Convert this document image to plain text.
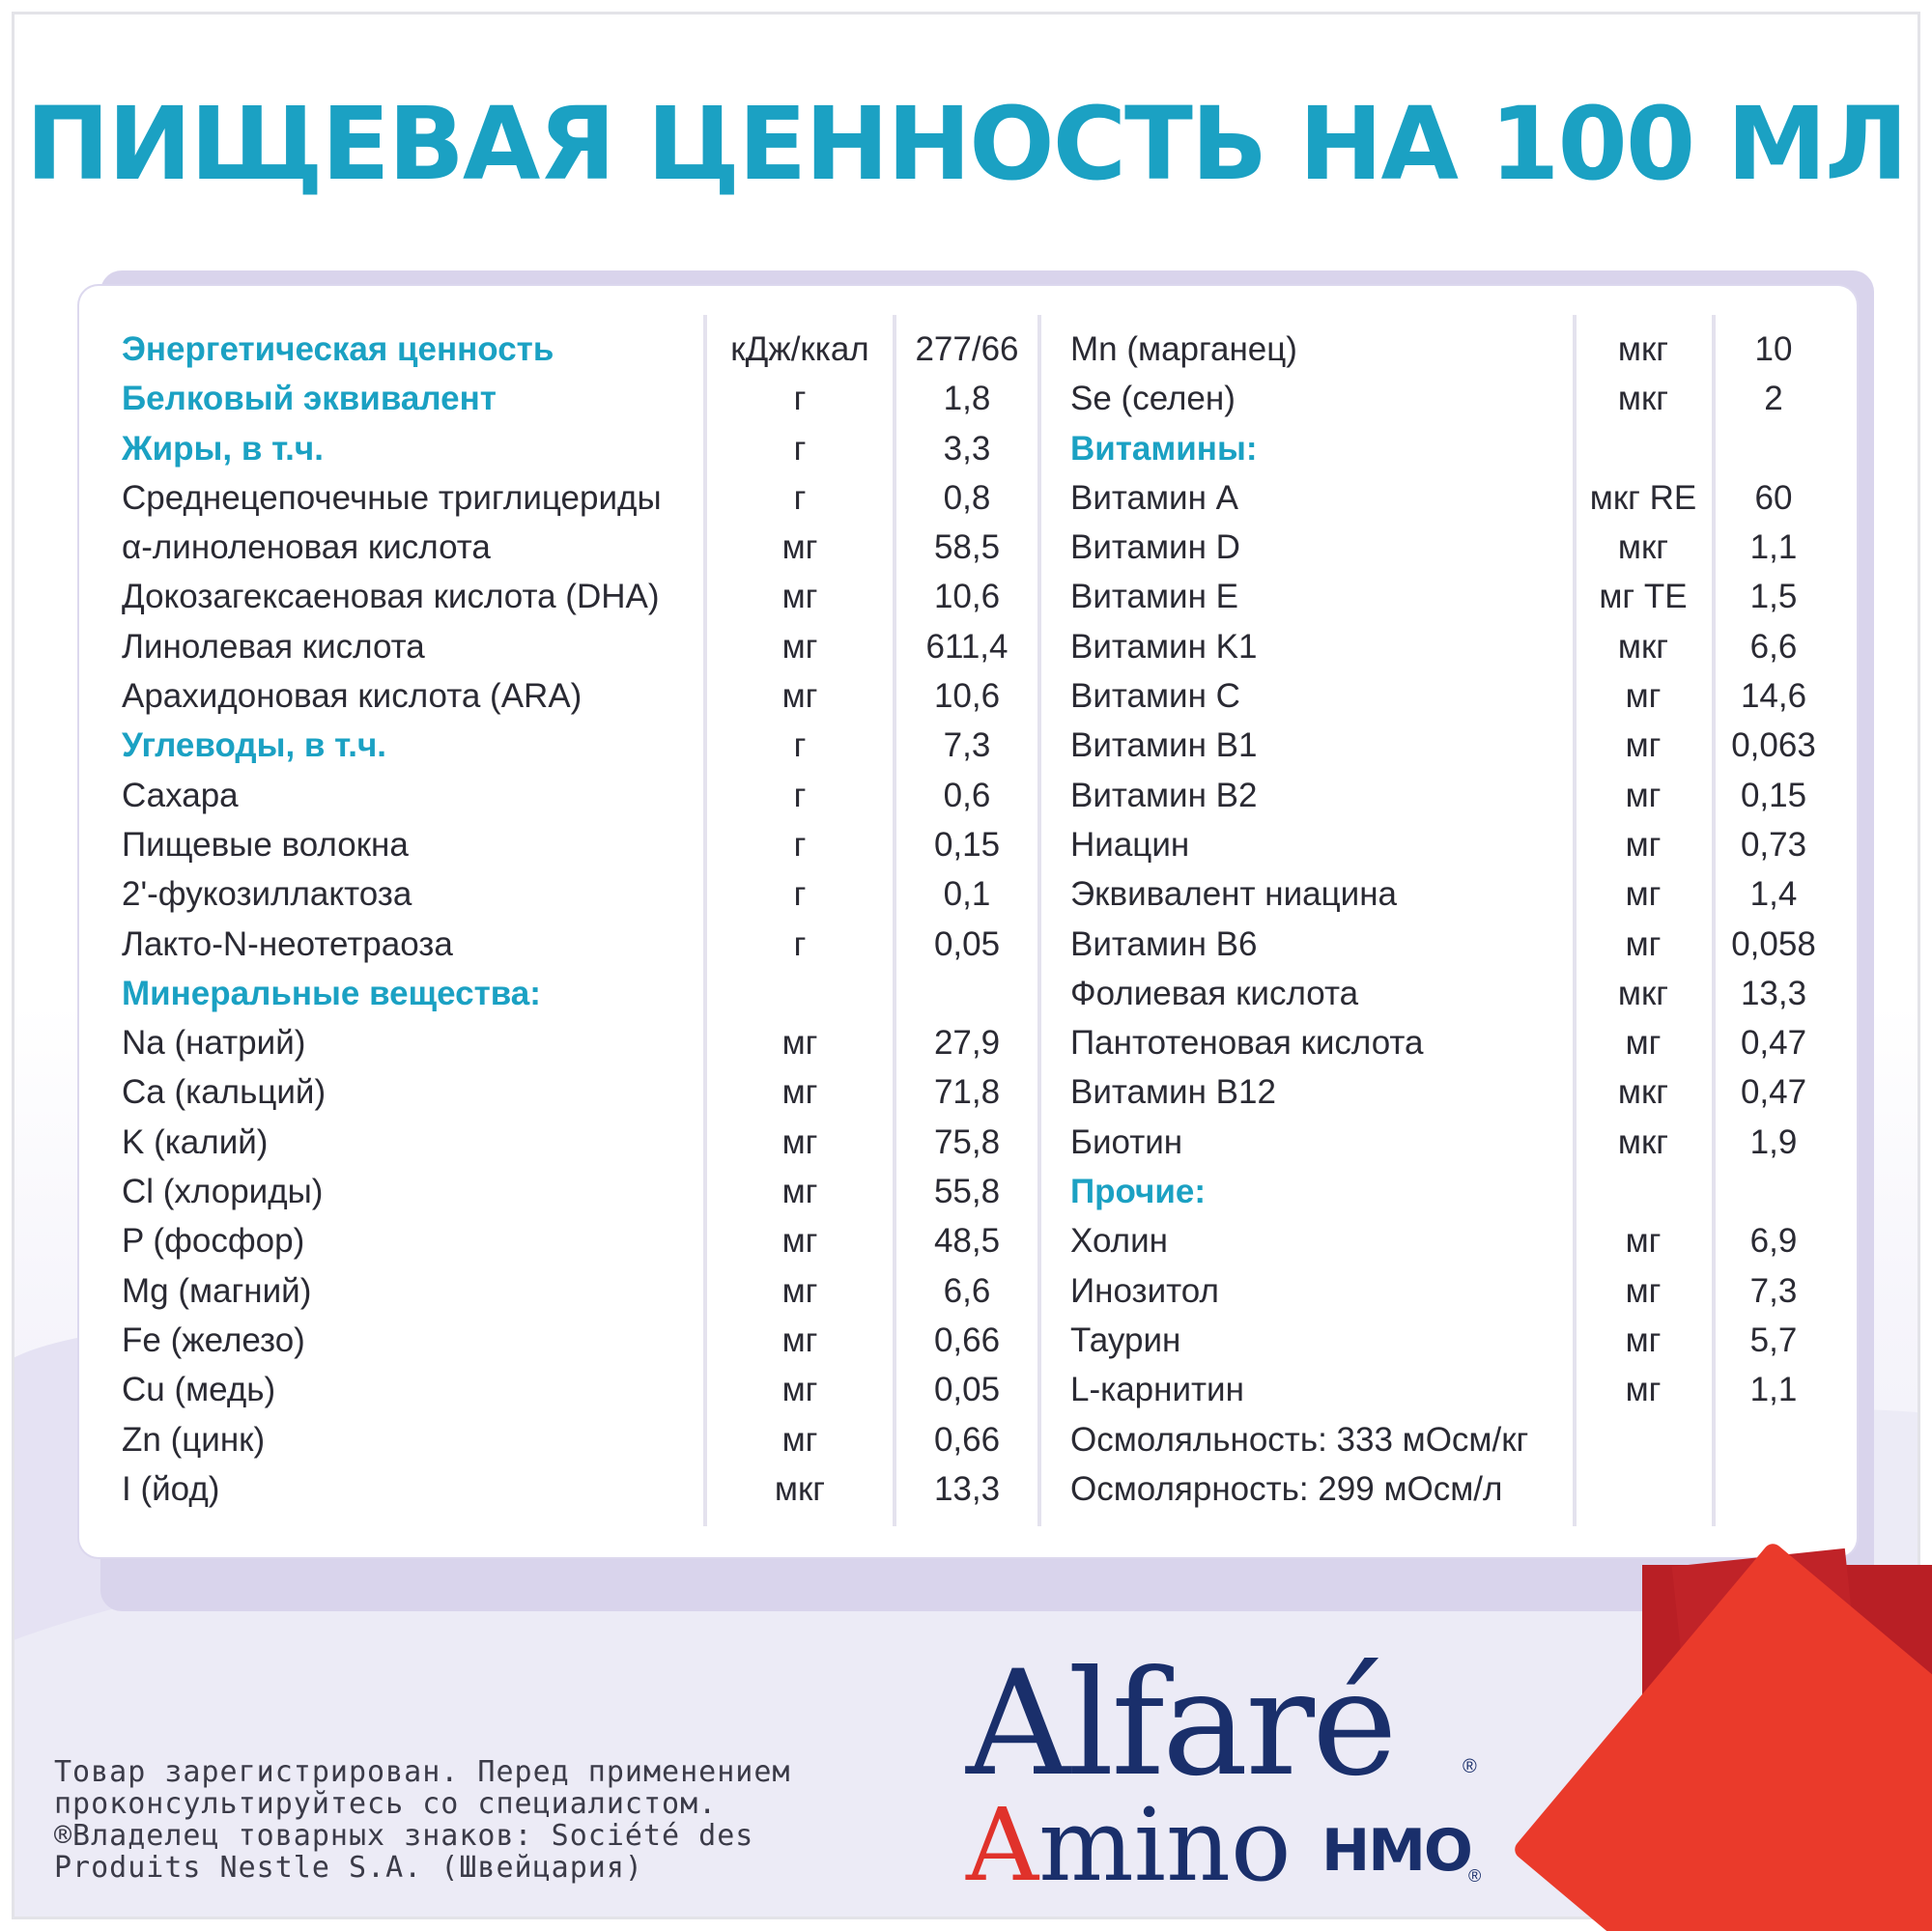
ПИЩЕВАЯ ЦЕННОСТЬ НА 100 МЛ
Энергетическая ценность
Белковый эквивалент
Жиры, в т.ч.
Среднецепочечные триглицериды
α-линоленовая кислота
Докозагексаеновая кислота (DHA)
Линолевая кислота
Арахидоновая кислота (ARA)
Углеводы, в т.ч.
Сахара
Пищевые волокна
2'-фукозиллактоза
Лакто-N-неотетраоза
Минеральные вещества:
Na (натрий)
Ca (кальций)
K (калий)
Cl (хлориды)
P (фосфор)
Mg (магний)
Fe (железо)
Cu (медь)
Zn (цинк)
I (йод)
кДж/ккал
г
г
г
мг
мг
мг
мг
г
г
г
г
г
мг
мг
мг
мг
мг
мг
мг
мг
мг
мкг
277/66
1,8
3,3
0,8
58,5
10,6
611,4
10,6
7,3
0,6
0,15
0,1
0,05
27,9
71,8
75,8
55,8
48,5
6,6
0,66
0,05
0,66
13,3
Mn (марганец)
Se (селен)
Витамины:
Витамин A
Витамин D
Витамин E
Витамин K1
Витамин C
Витамин B1
Витамин B2
Ниацин
Эквивалент ниацина
Витамин B6
Фолиевая кислота
Пантотеновая кислота
Витамин B12
Биотин
Прочие:
Холин
Инозитол
Таурин
L-карнитин
Осмоляльность: 333 мОсм/кг
Осмолярность: 299 мОсм/л
мкг
мкг
мкг RE
мкг
мг TE
мкг
мг
мг
мг
мг
мг
мг
мкг
мг
мкг
мкг
мг
мг
мг
мг
10
2
60
1,1
1,5
6,6
14,6
0,063
0,15
0,73
1,4
0,058
13,3
0,47
0,47
1,9
6,9
7,3
5,7
1,1
Alfaré	®
Amino HMO
®
Товар зарегистрирован. Перед применением
проконсультируйтесь со специалистом.
®Владелец товарных знаков: Société des
Produits Nestle S.A. (Швейцария)
